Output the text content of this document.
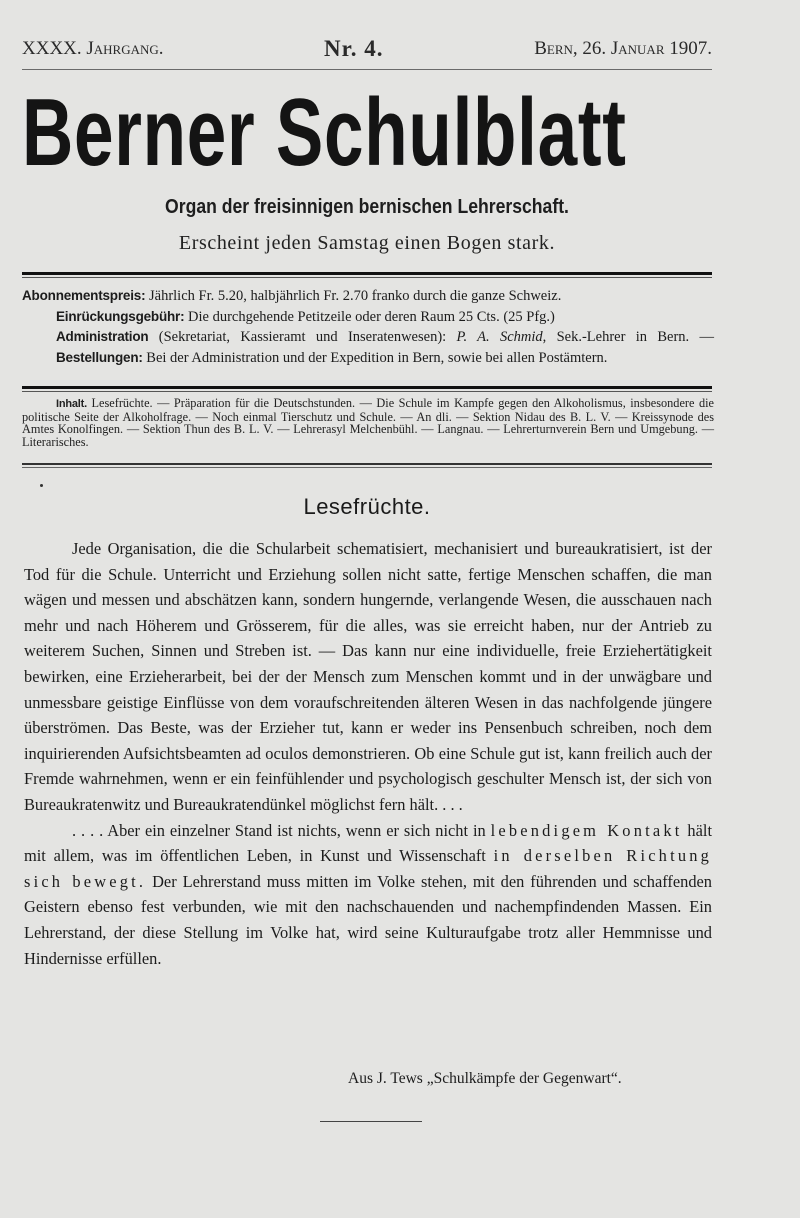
XXXX. Jahrgang.	Nr. 4.	Bern, 26. Januar 1907.
Berner Schulblatt
Organ der freisinnigen bernischen Lehrerschaft.
Erscheint jeden Samstag einen Bogen stark.

Abonnementspreis: Jährlich Fr. 5.20, halbjährlich Fr. 2.70 franko durch die ganze Schweiz.

Einrückungsgebühr: Die durchgehende Petitzeile oder deren Raum 25 Cts. (25 Pfg.)
Administration (Sekretariat, Kassieramt und Inseratenwesen): P. A. Schmid, Sek.-Lehrer in Bern. — Bestellungen: Bei der Administration und der Expedition in Bern, sowie bei allen Postämtern.

Inhalt. Lesefrüchte. — Präparation für die Deutschstunden. — Die Schule im Kampfe gegen den Alkoholismus, insbesondere die politische Seite der Alkoholfrage. — Noch einmal Tierschutz und Schule. — An dli. — Sektion Nidau des B. L. V. — Kreissynode des Amtes Konolfingen. — Sektion Thun des B. L. V. — Lehrerasyl Melchenbühl. — Langnau. — Lehrerturnverein Bern und Umgebung. — Literarisches.
Lesefrüchte.

Jede Organisation, die die Schularbeit schematisiert, mechanisiert und bureaukratisiert, ist der Tod für die Schule. Unterricht und Erziehung sollen nicht satte, fertige Menschen schaffen, die man wägen und messen und abschätzen kann, sondern hungernde, verlangende Wesen, die ausschauen nach mehr und nach Höherem und Grösserem, für die alles, was sie erreicht haben, nur der Antrieb zu weiterem Suchen, Sinnen und Streben ist. — Das kann nur eine individuelle, freie Erziehertätigkeit bewirken, eine Erzieherarbeit, bei der der Mensch zum Menschen kommt und in der unwägbare und unmessbare geistige Einflüsse von dem voraufschreitenden älteren Wesen in das nachfolgende jüngere überströmen. Das Beste, was der Erzieher tut, kann er weder ins Pensenbuch schreiben, noch dem inquirierenden Aufsichtsbeamten ad oculos demonstrieren. Ob eine Schule gut ist, kann freilich auch der Fremde wahrnehmen, wenn er ein feinfühlender und psychologisch geschulter Mensch ist, der sich von Bureaukratenwitz und Bureaukratendünkel möglichst fern hält. . . .

. . . . Aber ein einzelner Stand ist nichts, wenn er sich nicht in lebendigem Kontakt hält mit allem, was im öffentlichen Leben, in Kunst und Wissenschaft in derselben Richtung sich bewegt. Der Lehrerstand muss mitten im Volke stehen, mit den führenden und schaffenden Geistern ebenso fest verbunden, wie mit den nachschauenden und nachempfindenden Massen. Ein Lehrerstand, der diese Stellung im Volke hat, wird seine Kulturaufgabe trotz aller Hemmnisse und Hindernisse erfüllen.

Aus J. Tews „Schulkämpfe der Gegenwart“.
